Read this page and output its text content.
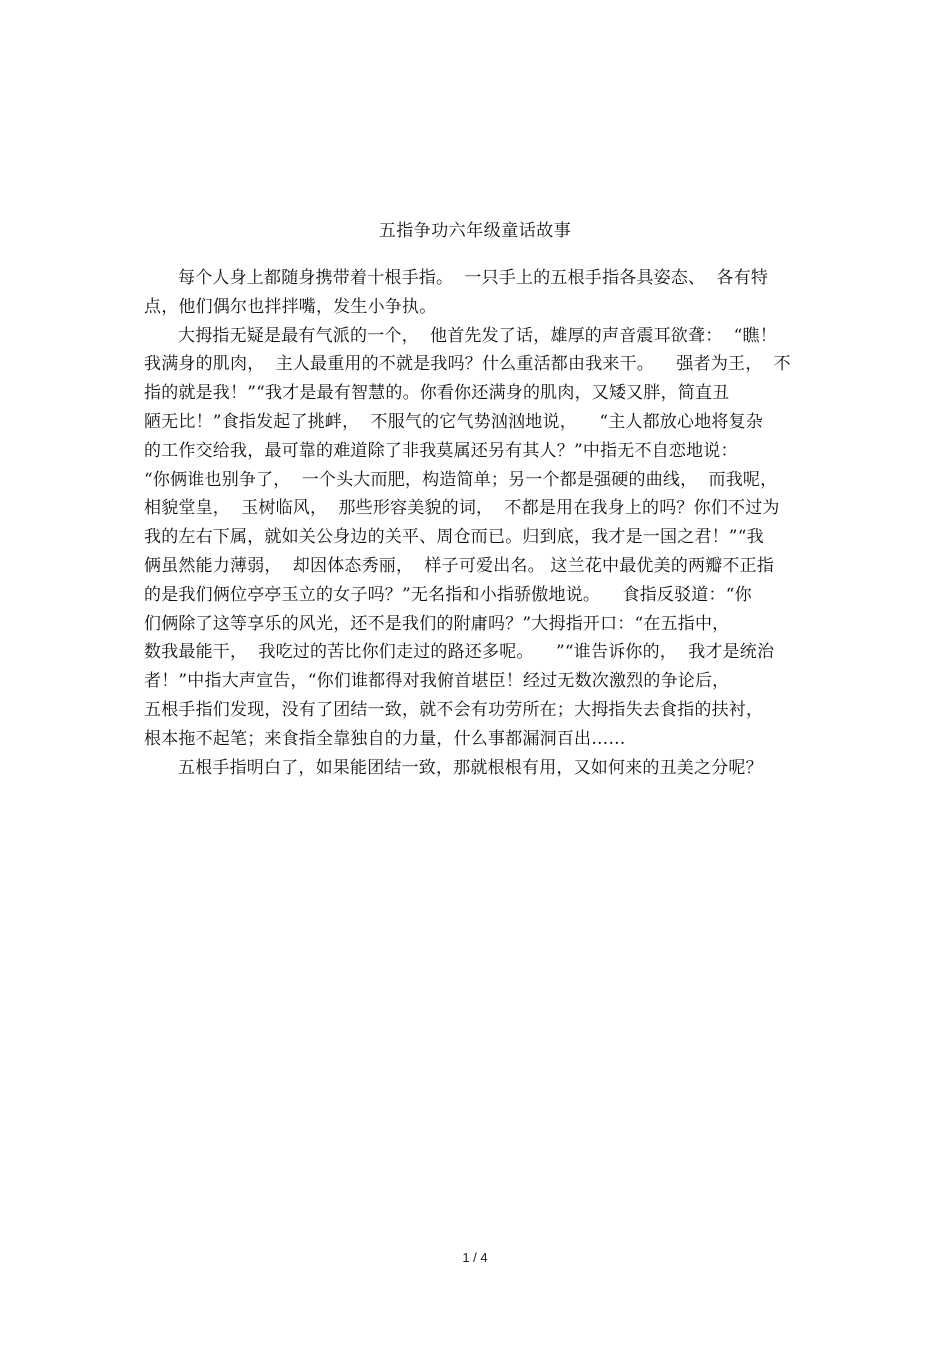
五指争功六年级童话故事
每个人身上都随身携带着十根手指。  一只手上的五根手指各具姿态、  各有特
点，他们偶尔也拌拌嘴，发生小争执。
大拇指无疑是最有气派的一个，  他首先发了话，雄厚的声音震耳欲聋：  “瞧！
我满身的肌肉，  主人最重用的不就是我吗？什么重活都由我来干。    强者为王，  不
指的就是我！”“我才是最有智慧的。你看你还满身的肌肉，又矮又胖，简直丑
陋无比！”食指发起了挑衅，  不服气的它气势汹汹地说，    “主人都放心地将复杂
的工作交给我，最可靠的难道除了非我莫属还另有其人？”中指无不自恋地说：
“你俩谁也别争了，  一个头大而肥，构造简单；另一个都是强硬的曲线，  而我呢，
相貌堂皇，  玉树临风，  那些形容美貌的词，  不都是用在我身上的吗？你们不过为
我的左右下属，就如关公身边的关平、周仓而已。归到底，我才是一国之君！”“我
俩虽然能力薄弱，  却因体态秀丽，  样子可爱出名。 这兰花中最优美的两瓣不正指
的是我们俩位亭亭玉立的女子吗？”无名指和小指骄傲地说。    食指反驳道：“你
们俩除了这等享乐的风光，还不是我们的附庸吗？”大拇指开口：“在五指中，
数我最能干，  我吃过的苦比你们走过的路还多呢。    ”“谁告诉你的，  我才是统治
者！”中指大声宣告，“你们谁都得对我俯首堪臣！经过无数次激烈的争论后，
五根手指们发现，没有了团结一致，就不会有功劳所在；大拇指失去食指的扶衬，
根本拖不起笔；来食指全靠独自的力量，什么事都漏洞百出……
五根手指明白了，如果能团结一致，那就根根有用，又如何来的丑美之分呢？
1 / 4
